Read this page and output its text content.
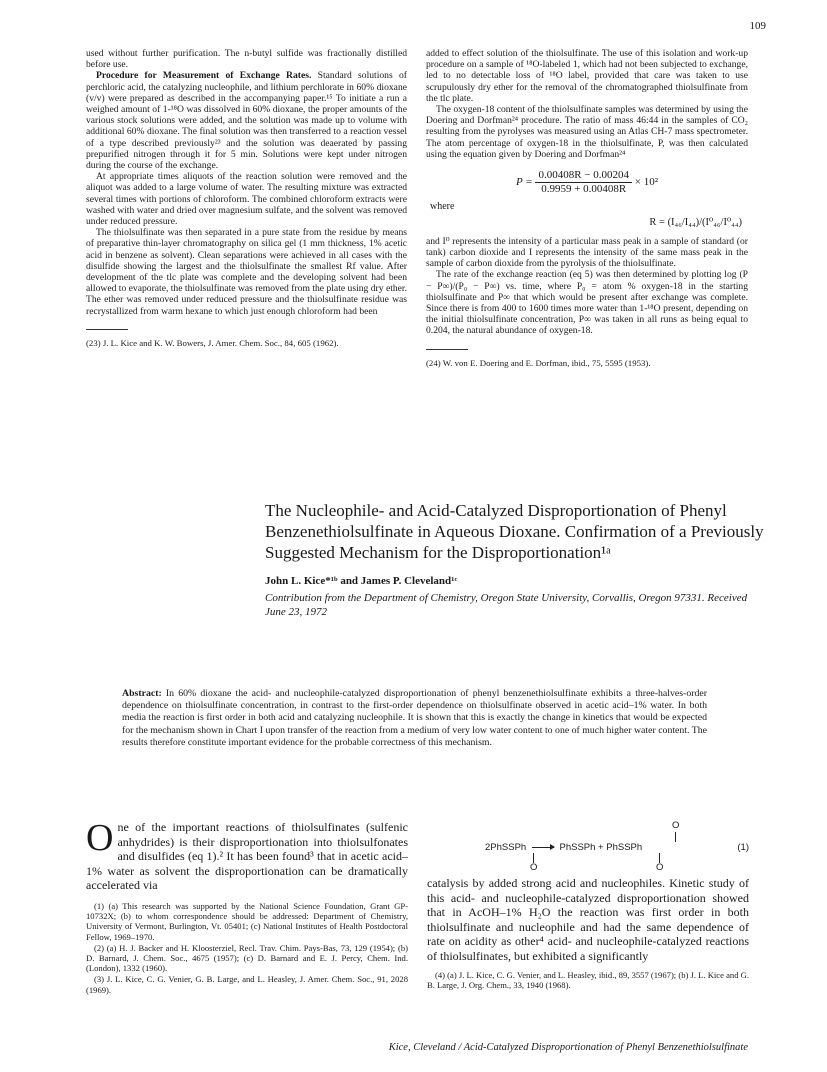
109

used without further purification. The n-butyl sulfide was fractionally distilled before use.

Procedure for Measurement of Exchange Rates. Standard solutions of perchloric acid, the catalyzing nucleophile, and lithium perchlorate in 60% dioxane (v/v) were prepared as described in the accompanying paper.¹⁵ To initiate a run a weighed amount of 1-¹⁸O was dissolved in 60% dioxane, the proper amounts of the various stock solutions were added, and the solution was made up to volume with additional 60% dioxane. The final solution was then transferred to a reaction vessel of a type described previously²³ and the solution was deaerated by passing prepurified nitrogen through it for 5 min. Solutions were kept under nitrogen during the course of the exchange.

At appropriate times aliquots of the reaction solution were removed and the aliquot was added to a large volume of water. The resulting mixture was extracted several times with portions of chloroform. The combined chloroform extracts were washed with water and dried over magnesium sulfate, and the solvent was removed under reduced pressure.

The thiolsulfinate was then separated in a pure state from the residue by means of preparative thin-layer chromatography on silica gel (1 mm thickness, 1% acetic acid in benzene as solvent). Clean separations were achieved in all cases with the disulfide showing the largest and the thiolsulfinate the smallest Rf value. After development of the tlc plate was complete and the developing solvent had been allowed to evaporate, the thiolsulfinate was removed from the plate using dry ether. The ether was removed under reduced pressure and the thiolsulfinate residue was recrystallized from warm hexane to which just enough chloroform had been

(23) J. L. Kice and K. W. Bowers, J. Amer. Chem. Soc., 84, 605 (1962).

added to effect solution of the thiolsulfinate. The use of this isolation and work-up procedure on a sample of ¹⁸O-labeled 1, which had not been subjected to exchange, led to no detectable loss of ¹⁸O label, provided that care was taken to use scrupulously dry ether for the removal of the chromatographed thiolsulfinate from the tlc plate.

The oxygen-18 content of the thiolsulfinate samples was determined by using the Doering and Dorfman²⁴ procedure. The ratio of mass 46:44 in the samples of CO₂ resulting from the pyrolyses was measured using an Atlas CH-7 mass spectrometer. The atom percentage of oxygen-18 in the thiolsulfinate, P, was then calculated using the equation given by Doering and Dorfman²⁴

$P = \frac{0.00408R - 0.00204}{0.9959 + 0.00408R} \times 10^2$
where
R = (I₄₆/I₄₄)/(I⁰₄₆/I⁰₄₄)

and I⁰ represents the intensity of a particular mass peak in a sample of standard (or tank) carbon dioxide and I represents the intensity of the same mass peak in the sample of carbon dioxide from the pyrolysis of the thiolsulfinate.

The rate of the exchange reaction (eq 5) was then determined by plotting log (P − P∞)/(P₀ − P∞) vs. time, where P₀ = atom % oxygen-18 in the starting thiolsulfinate and P∞ that which would be present after exchange was complete. Since there is from 400 to 1600 times more water than 1-¹⁸O present, depending on the initial thiolsulfinate concentration, P∞ was taken in all runs as being equal to 0.204, the natural abundance of oxygen-18.

(24) W. von E. Doering and E. Dorfman, ibid., 75, 5595 (1953).

The Nucleophile- and Acid-Catalyzed Disproportionation of Phenyl Benzenethiolsulfinate in Aqueous Dioxane. Confirmation of a Previously Suggested Mechanism for the Disproportionation¹ᵃ
John L. Kice*¹ᵇ and James P. Cleveland¹ᶜ

Contribution from the Department of Chemistry, Oregon State University, Corvallis, Oregon 97331. Received June 23, 1972

Abstract: In 60% dioxane the acid- and nucleophile-catalyzed disproportionation of phenyl benzenethiolsulfinate exhibits a three-halves-order dependence on thiolsulfinate concentration, in contrast to the first-order dependence on thiolsulfinate observed in acetic acid–1% water. In both media the reaction is first order in both acid and catalyzing nucleophile. It is shown that this is exactly the change in kinetics that would be expected for the mechanism shown in Chart I upon transfer of the reaction from a medium of very low water content to one of much higher water content. The results therefore constitute important evidence for the probable correctness of this mechanism.

One of the important reactions of thiolsulfinates (sulfenic anhydrides) is their disproportionation into thiolsulfonates and disulfides (eq 1).² It has been found³ that in acetic acid–1% water as solvent the disproportionation can be dramatically accelerated via

(1) (a) This research was supported by the National Science Foundation, Grant GP-10732X; (b) to whom correspondence should be addressed: Department of Chemistry, University of Vermont, Burlington, Vt. 05401; (c) National Institutes of Health Postdoctoral Fellow, 1969–1970.

(2) (a) H. J. Backer and H. Kloosterziel, Recl. Trav. Chim. Pays-Bas, 73, 129 (1954); (b) D. Barnard, J. Chem. Soc., 4675 (1957); (c) D. Barnard and E. J. Percy, Chem. Ind. (London), 1332 (1960).

(3) J. L. Kice, C. G. Venier, G. B. Large, and L. Heasley, J. Amer. Chem. Soc., 91, 2028 (1969).

O
2PhSSPh → PhSSPh + PhSSPh	(1)
O	O

catalysis by added strong acid and nucleophiles. Kinetic study of this acid- and nucleophile-catalyzed disproportionation showed that in AcOH–1% H₂O the reaction was first order in both thiolsulfinate and nucleophile and had the same dependence of rate on acidity as other⁴ acid- and nucleophile-catalyzed reactions of thiolsulfinates, but exhibited a significantly

(4) (a) J. L. Kice, C. G. Venier, and L. Heasley, ibid., 89, 3557 (1967); (b) J. L. Kice and G. B. Large, J. Org. Chem., 33, 1940 (1968).

Kice, Cleveland / Acid-Catalyzed Disproportionation of Phenyl Benzenethiolsulfinate
